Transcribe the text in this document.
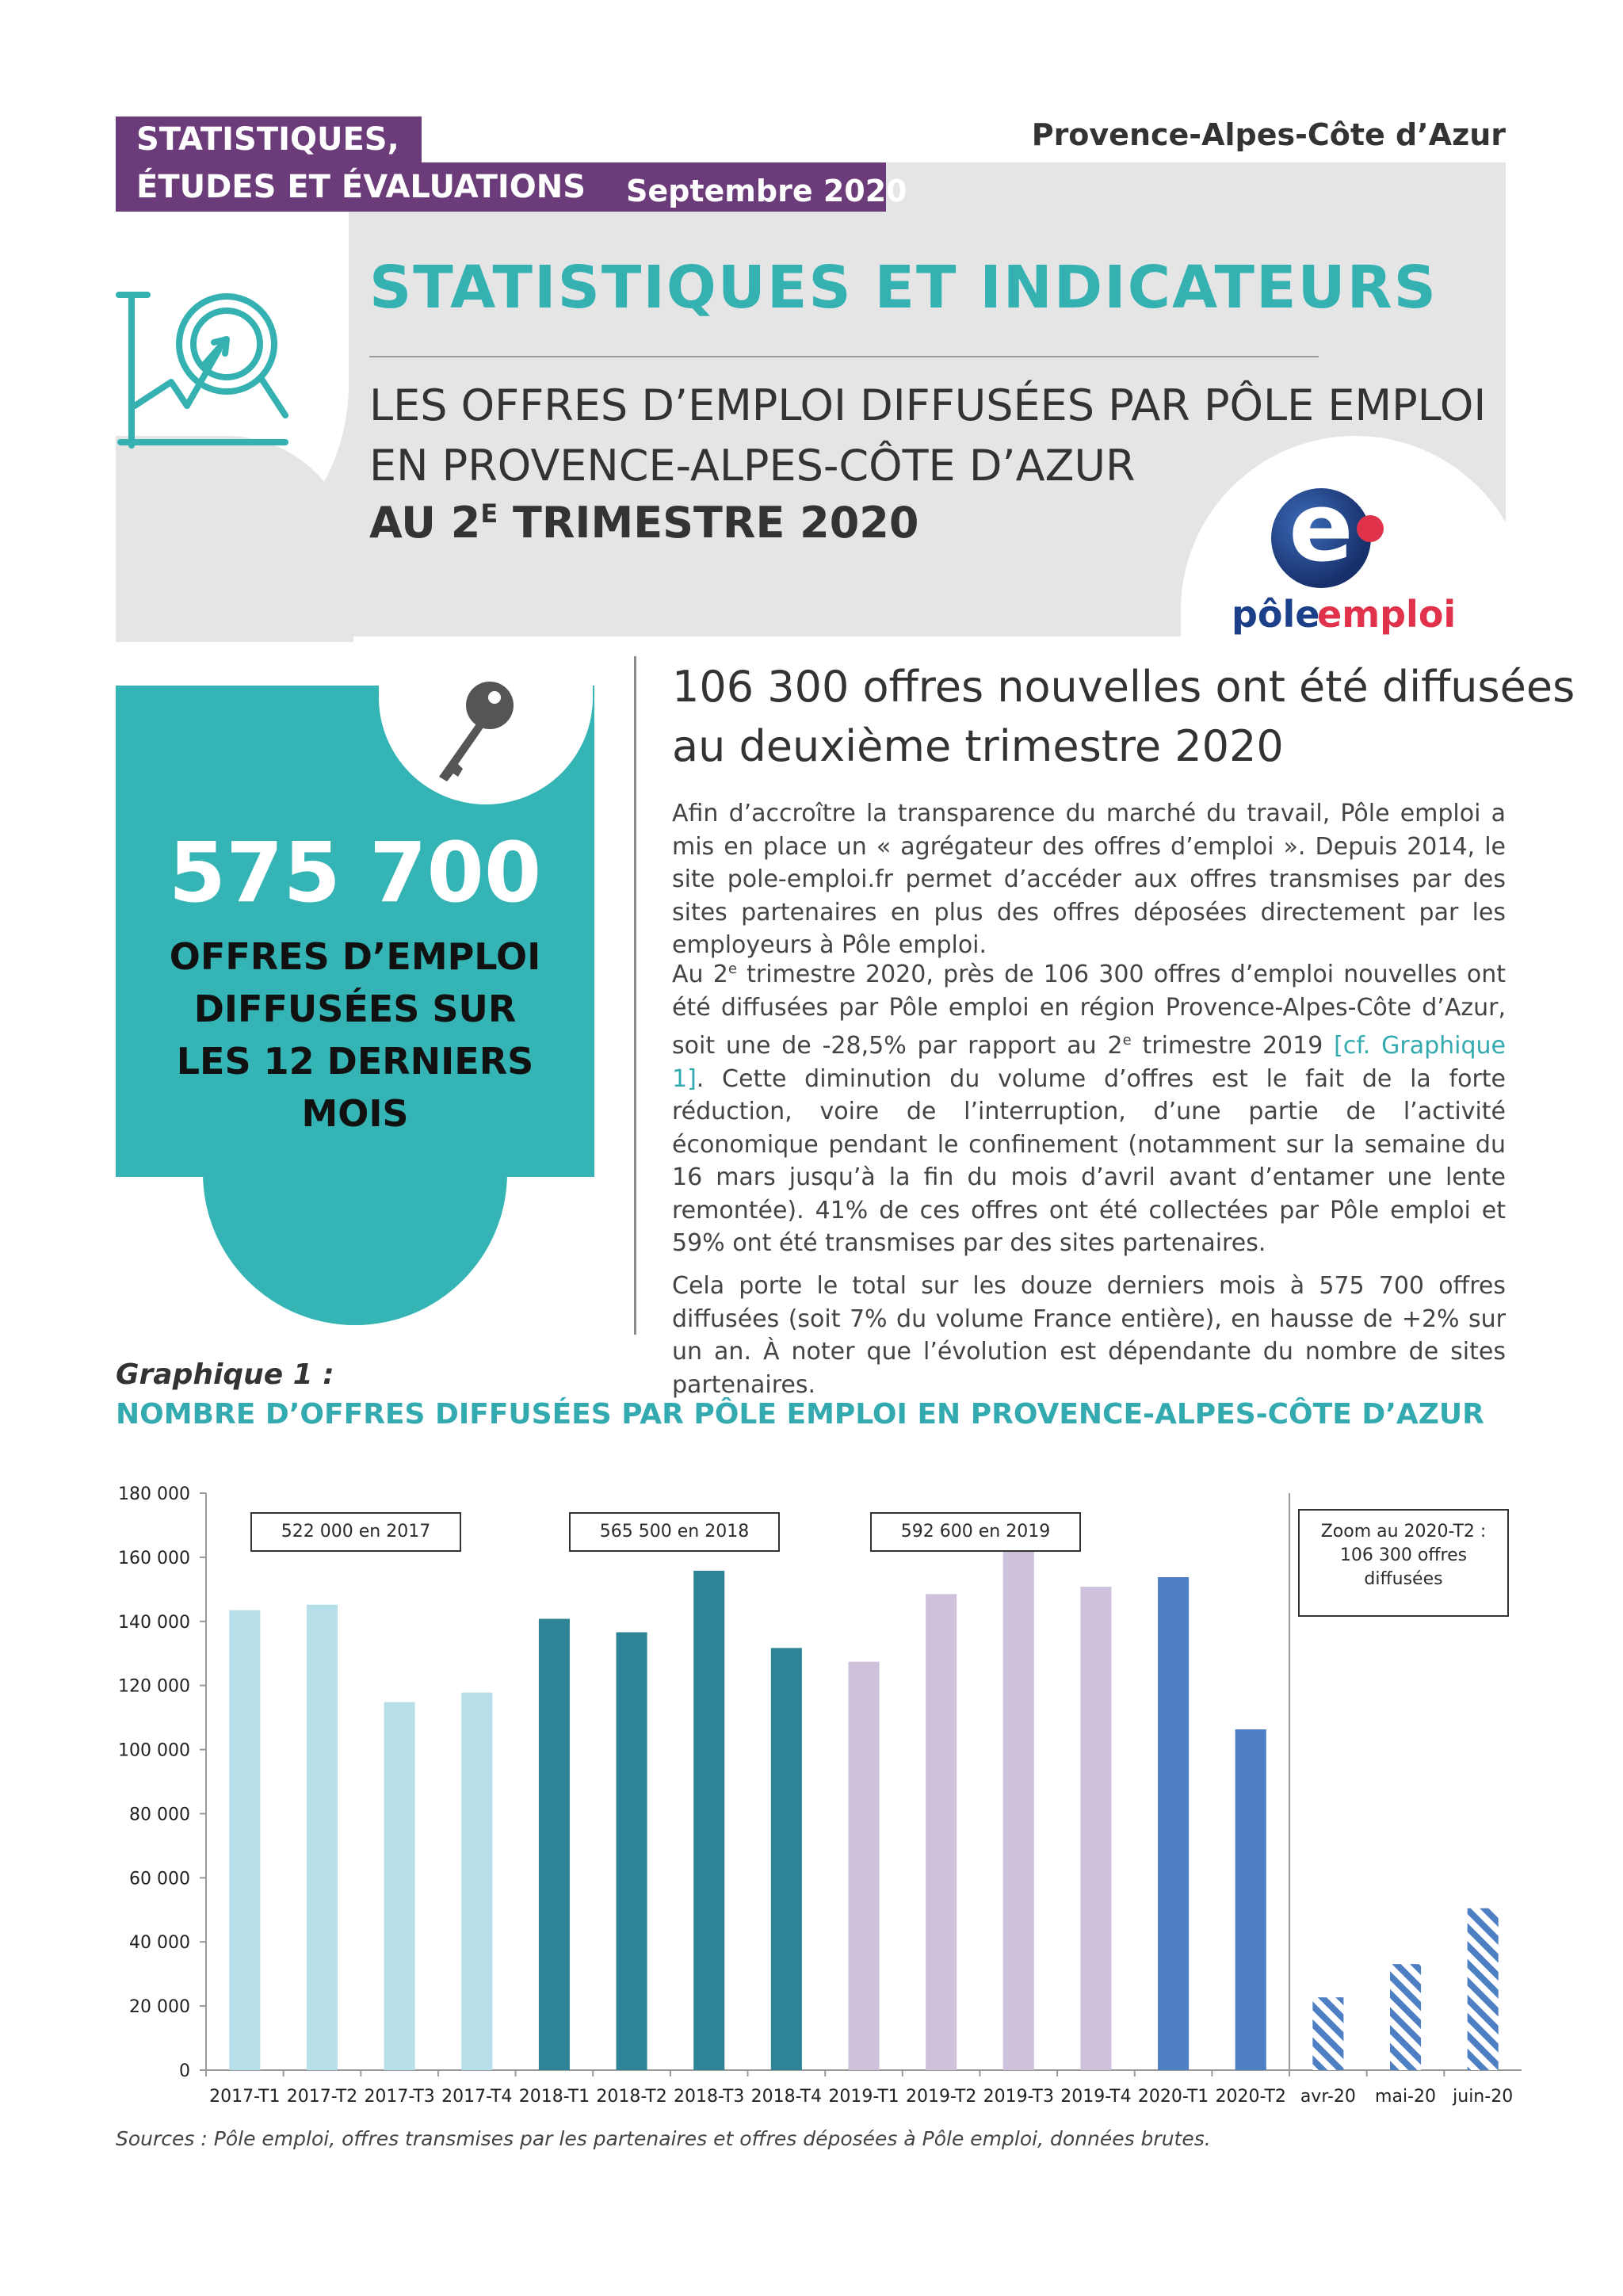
STATISTIQUES,
ÉTUDES ET ÉVALUATIONS	Septembre 2020
Provence-Alpes-Côte d’Azur
STATISTIQUES ET INDICATEURS
LES OFFRES D’EMPLOI DIFFUSÉES PAR PÔLE EMPLOI
EN PROVENCE-ALPES-CÔTE D’AZUR
AU $2^E$ TRIMESTRE 2020	e
pôle
emploi
575 700
OFFRES D’EMPLOI
DIFFUSÉES SUR
LES 12 DERNIERS
MOIS
106 300 offres nouvelles ont été diffusées
au deuxième trimestre 2020
Afin d’accroître la transparence du marché du travail, Pôle emploi a mis en place un « agrégateur des offres d’emploi ». Depuis 2014, le site pole-emploi.fr permet d’accéder aux offres transmises par des sites partenaires en plus des offres déposées directement par les employeurs à Pôle emploi.
Au 2e trimestre 2020, près de 106 300 offres d’emploi nouvelles ont été diffusées par Pôle emploi en région Provence-Alpes-Côte d’Azur, soit une de -28,5% par rapport au 2e trimestre 2019 [cf. Graphique 1]. Cette diminution du volume d’offres est le fait de la forte réduction, voire de l’interruption, d’une partie de l’activité économique pendant le confinement (notamment sur la semaine du 16 mars jusqu’à la fin du mois d’avril avant d’entamer une lente remontée). 41% de ces offres ont été collectées par Pôle emploi et 59% ont été transmises par des sites partenaires.
Cela porte le total sur les douze derniers mois à 575 700 offres diffusées (soit 7% du volume France entière), en hausse de +2% sur un an. À noter que l’évolution est dépendante du nombre de sites partenaires.
Graphique 1 :
NOMBRE D’OFFRES DIFFUSÉES PAR PÔLE EMPLOI EN PROVENCE-ALPES-CÔTE D’AZUR
0
20 000
40 000
60 000
80 000
100 000
120 000
140 000
160 000
180 000
2017-T1 2017-T2 2017-T3 2017-T4 2018-T1 2018-T2 2018-T3 2018-T4 2019-T1 2019-T2 2019-T3 2019-T4 2020-T1 2020-T2 avr-20 mai-20 juin-20
522 000 en 2017	565 500 en 2018	592 600 en 2019	Zoom au 2020-T2 :
106 300 offres
diffusées
Sources : Pôle emploi, offres transmises par les partenaires et offres déposées à Pôle emploi, données brutes.
